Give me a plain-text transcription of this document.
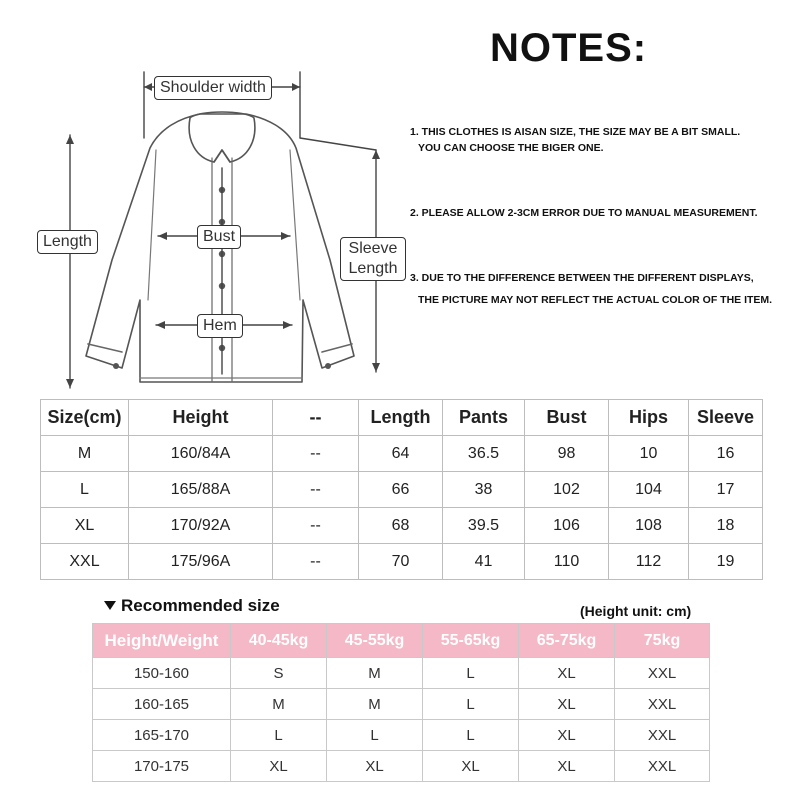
Shoulder width
Length	Bust
Hem
Sleeve Length
NOTES:
1. THIS CLOTHES IS AISAN SIZE, THE SIZE MAY BE A BIT SMALL.
YOU CAN CHOOSE THE BIGER ONE.
2. PLEASE ALLOW 2-3CM ERROR DUE TO MANUAL MEASUREMENT.
3. DUE TO THE DIFFERENCE BETWEEN THE DIFFERENT DISPLAYS,
THE PICTURE MAY NOT REFLECT THE ACTUAL COLOR OF THE ITEM.
Size(cm)	Height	--	Length	Pants	Bust	Hips	Sleeve
M	160/84A	--	64	36.5	98	10	16
L	165/88A	--	66	38	102	104	17
XL	170/92A	--	68	39.5	106	108	18
XXL	175/96A	--	70	41	110	112	19
Recommended size	(Height unit: cm)
Height/Weight	40-45kg	45-55kg	55-65kg	65-75kg	75kg
150-160	S	M	L	XL	XXL
160-165	M	M	L	XL	XXL
165-170	L	L	L	XL	XXL
170-175	XL	XL	XL	XL	XXL
